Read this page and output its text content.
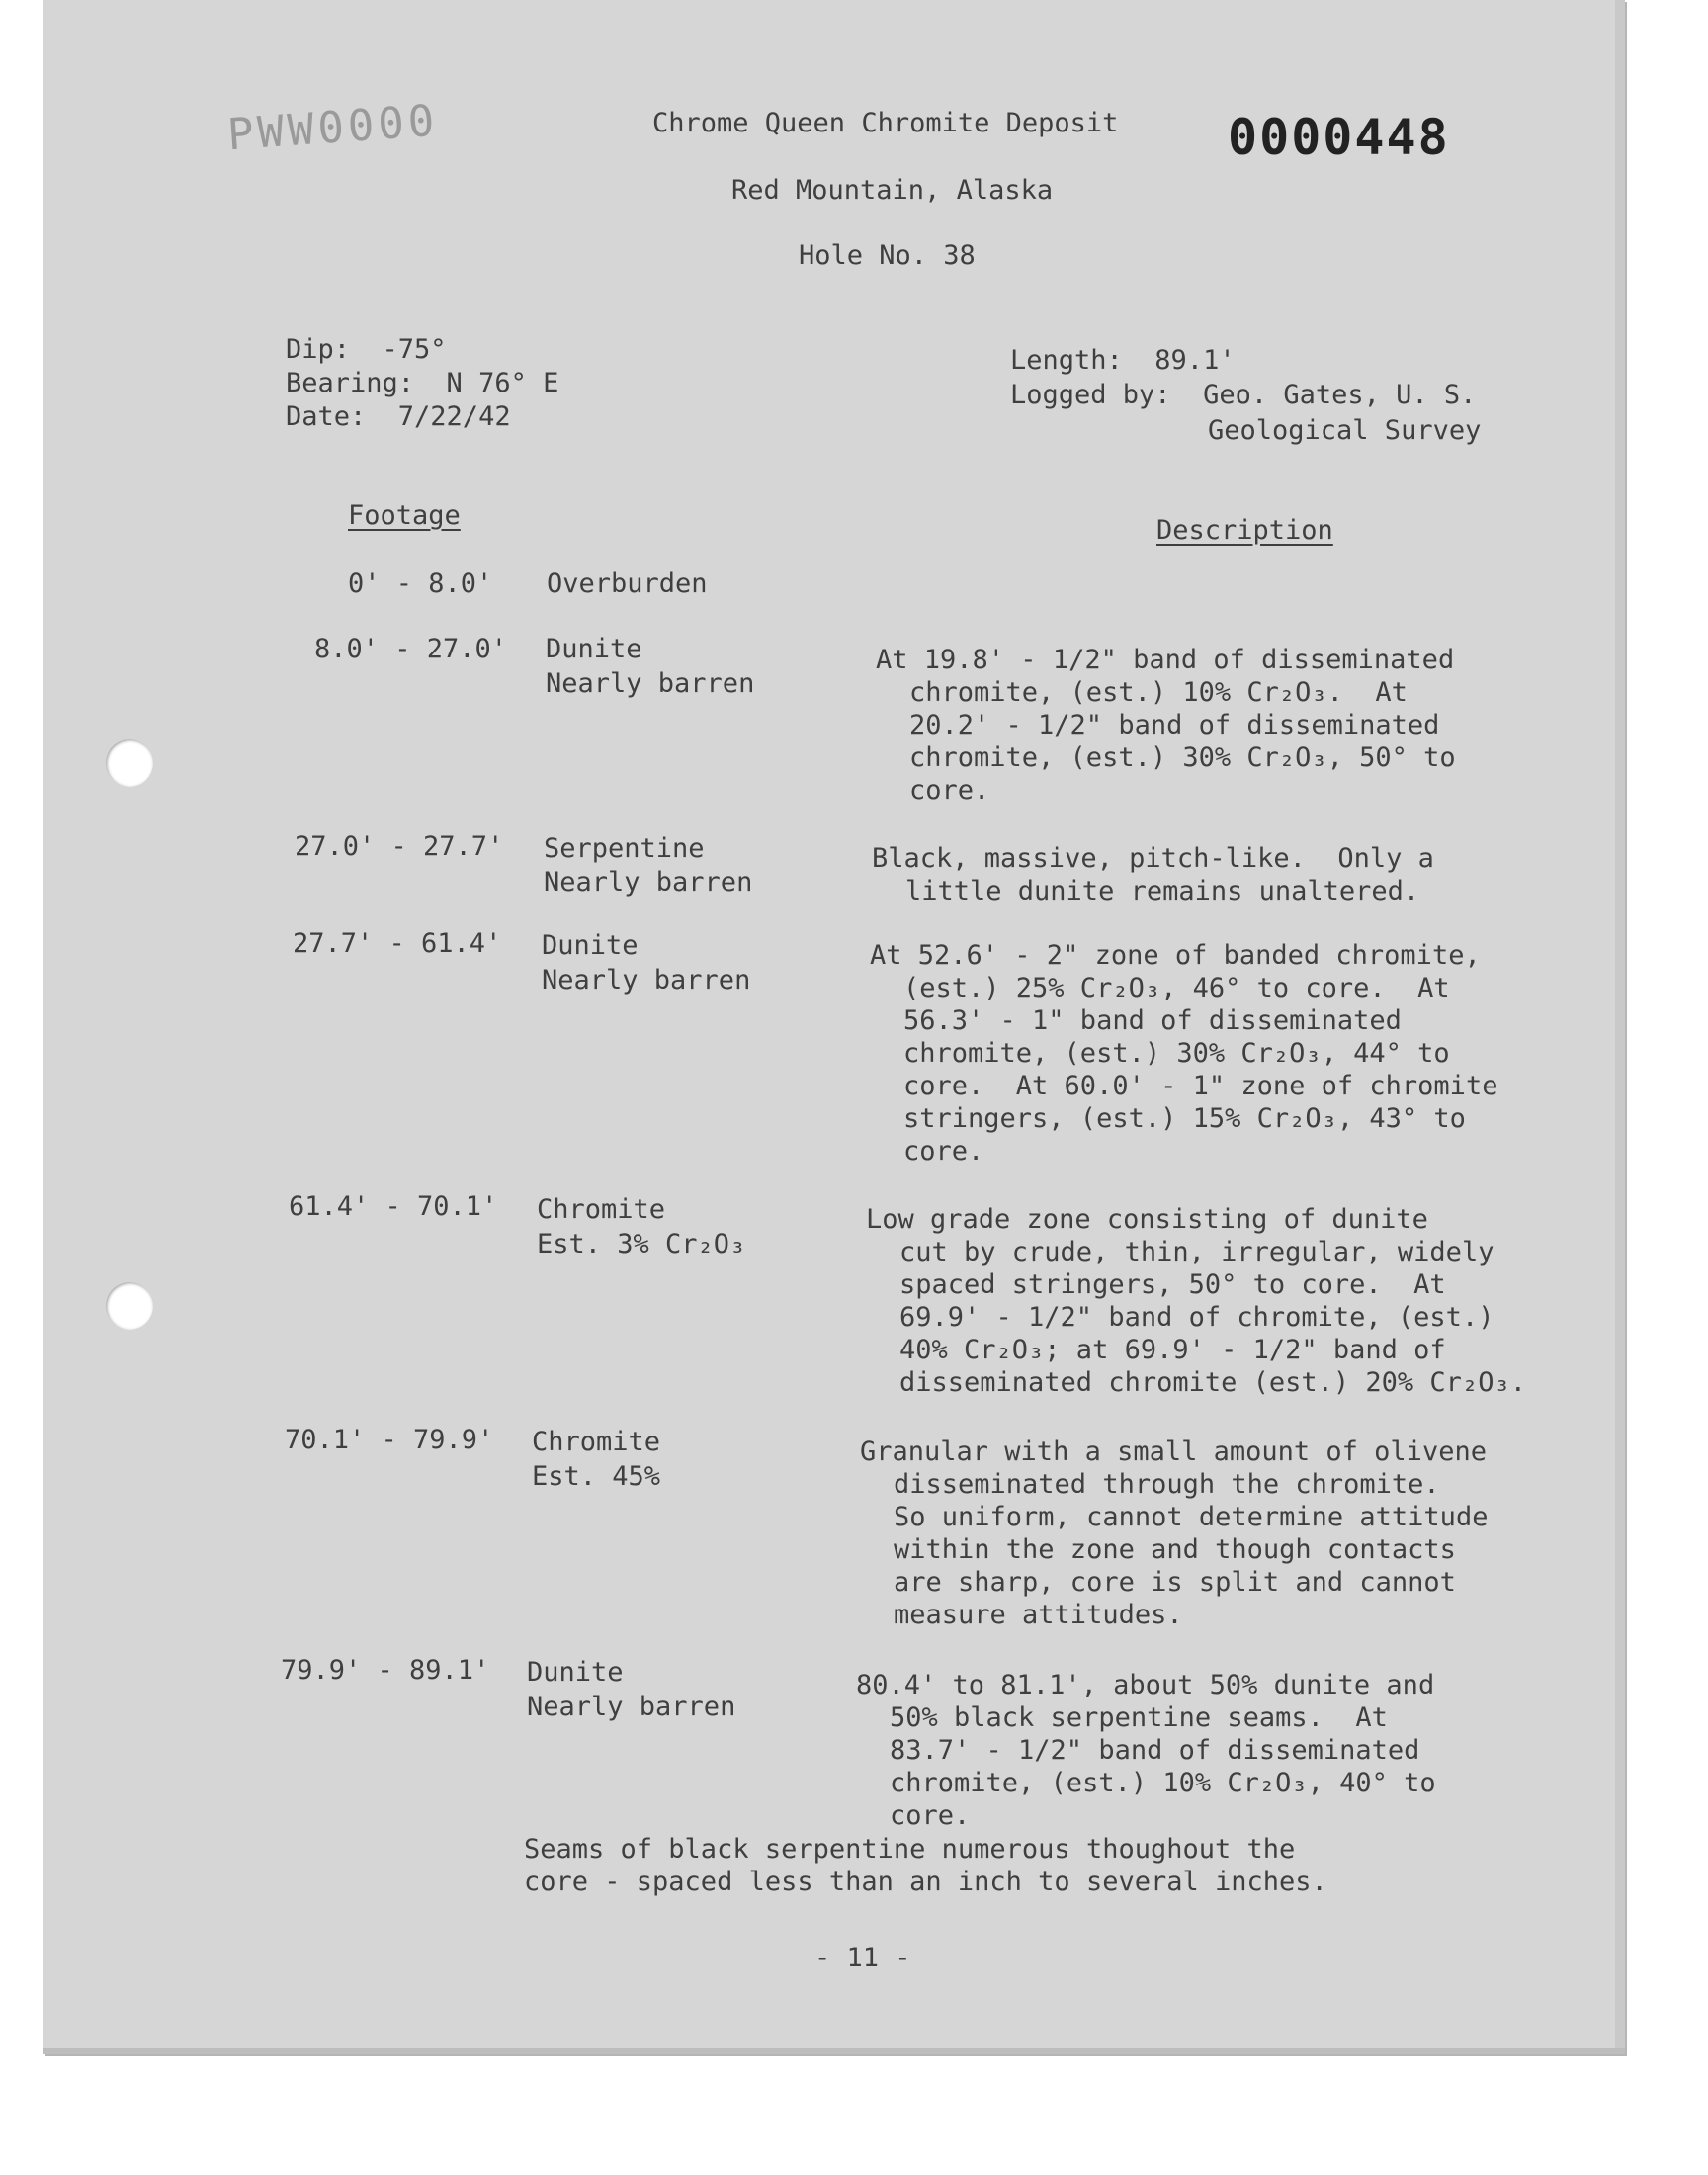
PWW0000	0000448
Chrome Queen Chromite Deposit
Red Mountain, Alaska
Hole No. 38
Dip:  -75°
Bearing:  N 76° E
Date:  7/22/42
Length:  89.1'
Logged by:  Geo. Gates, U. S.
Geological Survey
Footage	Description
0' - 8.0' Overburden
8.0' - 27.0' Dunite
Nearly barren
At 19.8' - 1/2" band of disseminated
chromite, (est.) 10% Cr₂O₃.  At
20.2' - 1/2" band of disseminated
chromite, (est.) 30% Cr₂O₃, 50° to
core.
27.0' - 27.7' Serpentine
Nearly barren
Black, massive, pitch-like.  Only a
little dunite remains unaltered.
27.7' - 61.4' Dunite
Nearly barren
At 52.6' - 2" zone of banded chromite,
(est.) 25% Cr₂O₃, 46° to core.  At
56.3' - 1" band of disseminated
chromite, (est.) 30% Cr₂O₃, 44° to
core.  At 60.0' - 1" zone of chromite
stringers, (est.) 15% Cr₂O₃, 43° to
core.
61.4' - 70.1' Chromite
Est. 3% Cr₂O₃
Low grade zone consisting of dunite
cut by crude, thin, irregular, widely
spaced stringers, 50° to core.  At
69.9' - 1/2" band of chromite, (est.)
40% Cr₂O₃; at 69.9' - 1/2" band of
disseminated chromite (est.) 20% Cr₂O₃.
70.1' - 79.9' Chromite
Est. 45%
Granular with a small amount of olivene
disseminated through the chromite.
So uniform, cannot determine attitude
within the zone and though contacts
are sharp, core is split and cannot
measure attitudes.
79.9' - 89.1' Dunite
Nearly barren
80.4' to 81.1', about 50% dunite and
50% black serpentine seams.  At
83.7' - 1/2" band of disseminated
chromite, (est.) 10% Cr₂O₃, 40° to
core.
Seams of black serpentine numerous thoughout the
core - spaced less than an inch to several inches.
- 11 -
